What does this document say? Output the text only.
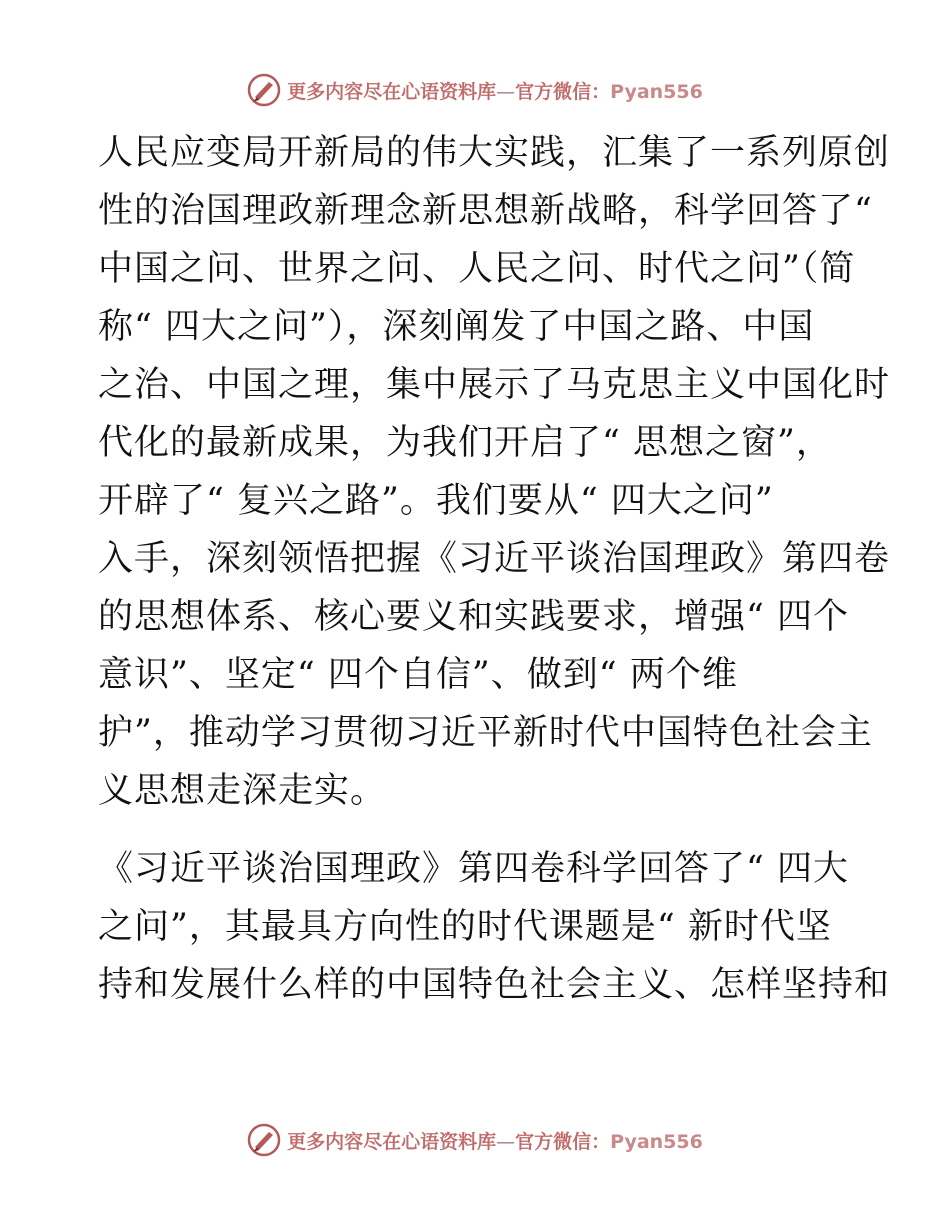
更多内容尽在心语资料库—官方微信：Pyan556
人民应变局开新局的伟大实践，汇集了一系列原创
性的治国理政新理念新思想新战略，科学回答了“
中国之问、世界之问、人民之问、时代之问”（简
称“ 四大之问”），深刻阐发了中国之路、中国
之治、中国之理，集中展示了马克思主义中国化时
代化的最新成果，为我们开启了“ 思想之窗”，
开辟了“ 复兴之路”。我们要从“ 四大之问”
入手，深刻领悟把握《习近平谈治国理政》第四卷
的思想体系、核心要义和实践要求，增强“ 四个
意识”、坚定“ 四个自信”、做到“ 两个维
护”，推动学习贯彻习近平新时代中国特色社会主
义思想走深走实。
《习近平谈治国理政》第四卷科学回答了“ 四大
之问”，其最具方向性的时代课题是“ 新时代坚
持和发展什么样的中国特色社会主义、怎样坚持和
更多内容尽在心语资料库—官方微信：Pyan556
